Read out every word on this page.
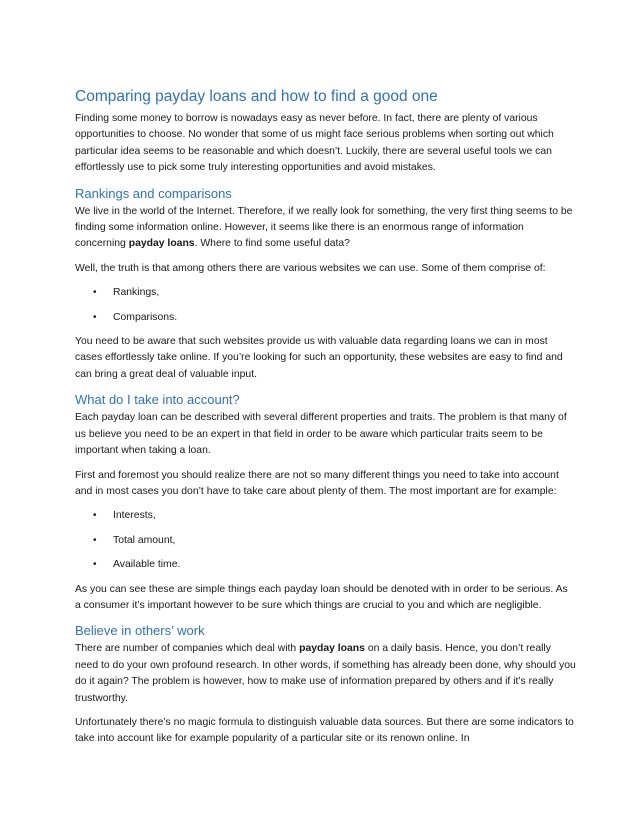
Comparing payday loans and how to find a good one

Finding some money to borrow is nowadays easy as never before. In fact, there are plenty of various opportunities to choose. No wonder that some of us might face serious problems when sorting out which particular idea seems to be reasonable and which doesn’t. Luckily, there are several useful tools we can effortlessly use to pick some truly interesting opportunities and avoid mistakes.

Rankings and comparisons

We live in the world of the Internet. Therefore, if we really look for something, the very first thing seems to be finding some information online. However, it seems like there is an enormous range of information concerning payday loans. Where to find some useful data?

Well, the truth is that among others there are various websites we can use. Some of them comprise of:

• Rankings,
• Comparisons.

You need to be aware that such websites provide us with valuable data regarding loans we can in most cases effortlessly take online. If you’re looking for such an opportunity, these websites are easy to find and can bring a great deal of valuable input.

What do I take into account?

Each payday loan can be described with several different properties and traits. The problem is that many of us believe you need to be an expert in that field in order to be aware which particular traits seem to be important when taking a loan.

First and foremost you should realize there are not so many different things you need to take into account and in most cases you don’t have to take care about plenty of them. The most important are for example:

• Interests,
• Total amount,
• Available time.

As you can see these are simple things each payday loan should be denoted with in order to be serious. As a consumer it’s important however to be sure which things are crucial to you and which are negligible.

Believe in others’ work

There are number of companies which deal with payday loans on a daily basis. Hence, you don’t really need to do your own profound research. In other words, if something has already been done, why should you do it again? The problem is however, how to make use of information prepared by others and if it’s really trustworthy.

Unfortunately there’s no magic formula to distinguish valuable data sources. But there are some indicators to take into account like for example popularity of a particular site or its renown online. In
